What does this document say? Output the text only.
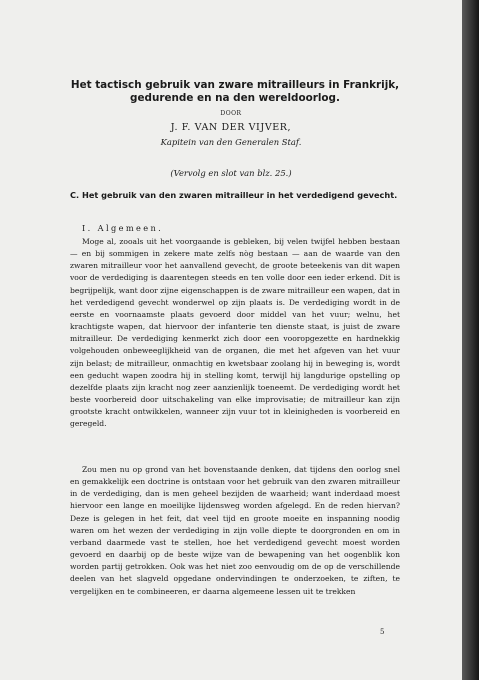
Het tactisch gebruik van zware mitrailleurs in Frankrijk, gedurende en na den wereldoorlog.
DOOR
J. F. VAN DER VIJVER,
Kapitein van den Generalen Staf.
(Vervolg en slot van blz. 25.)
C. Het gebruik van den zwaren mitrailleur in het verdedigend gevecht.
I. Algemeen.
Moge al, zooals uit het voorgaande is gebleken, bij velen twijfel hebben bestaan — en bij sommigen in zekere mate zelfs nòg bestaan — aan de waarde van den zwaren mitrailleur voor het aanvallend gevecht, de groote beteekenis van dit wapen voor de verdediging is daarentegen steeds en ten volle door een ieder erkend. Dit is begrijpelijk, want door zijne eigenschappen is de zware mitrailleur een wapen, dat in het verdedigend gevecht wonderwel op zijn plaats is. De verdediging wordt in de eerste en voornaamste plaats gevoerd door middel van het vuur; welnu, het krachtigste wapen, dat hiervoor der infanterie ten dienste staat, is juist de zware mitrailleur. De verdediging kenmerkt zich door een vooropgezette en hardnekkig volgehouden onbeweeglijkheid van de organen, die met het afgeven van het vuur zijn belast; de mitrailleur, onmachtig en kwetsbaar zoolang hij in beweging is, wordt een geducht wapen zoodra hij in stelling komt, terwijl hij langdurige opstelling op dezelfde plaats zijn kracht nog zeer aanzienlijk toeneemt. De verdediging wordt het beste voorbereid door uitschakeling van elke improvisatie; de mitrailleur kan zijn grootste kracht ontwikkelen, wanneer zijn vuur tot in kleinigheden is voorbereid en geregeld.
Zou men nu op grond van het bovenstaande denken, dat tijdens den oorlog snel en gemakkelijk een doctrine is ontstaan voor het gebruik van den zwaren mitrailleur in de verdediging, dan is men geheel bezijden de waarheid; want inderdaad moest hiervoor een lange en moeilijke lijdensweg worden afgelegd. En de reden hiervan? Deze is gelegen in het feit, dat veel tijd en groote moeite en inspanning noodig waren om het wezen der verdediging in zijn volle diepte te doorgronden en om in verband daarmede vast te stellen, hoe het verdedigend gevecht moest worden gevoerd en daarbij op de beste wijze van de bewapening van het oogenblik kon worden partij getrokken. Ook was het niet zoo eenvoudig om de op de verschillende deelen van het slagveld opgedane ondervindingen te onderzoeken, te ziften, te vergelijken en te combineeren, er daarna algemeene lessen uit te trekken
5
